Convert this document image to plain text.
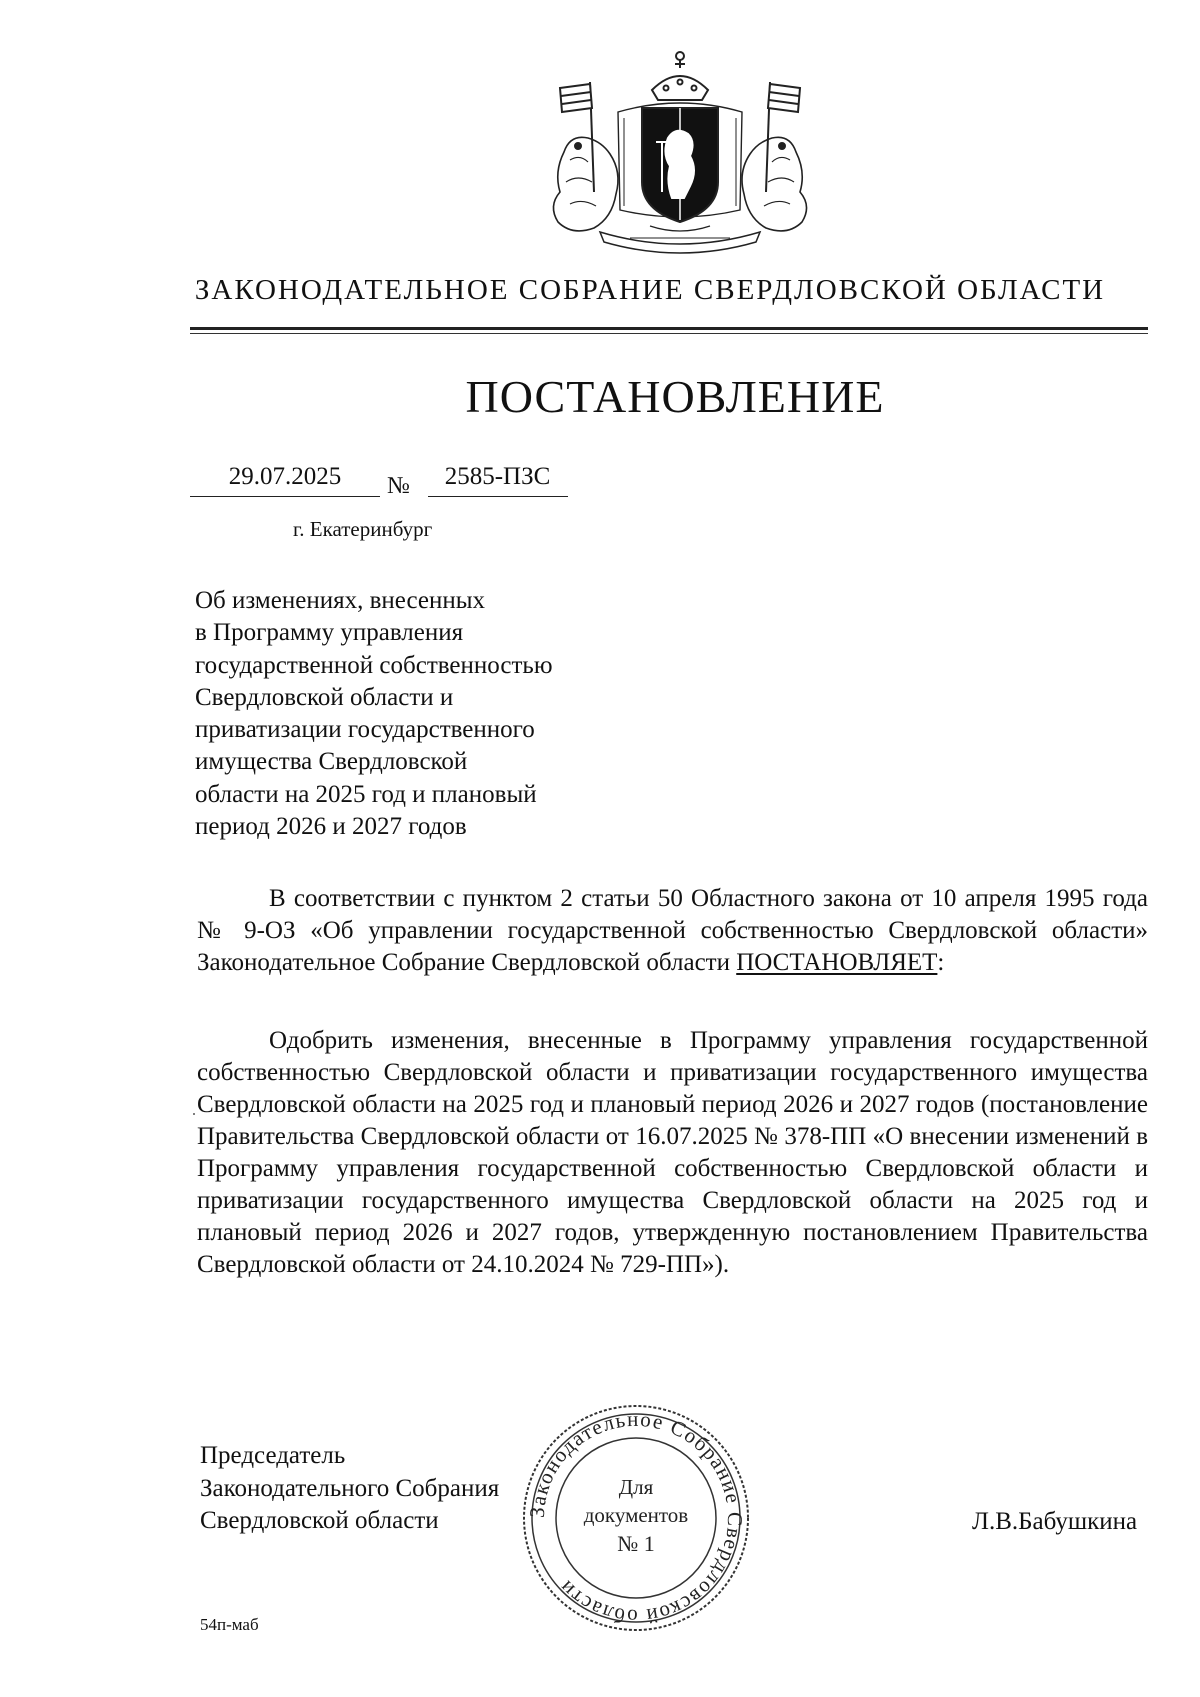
ЗАКОНОДАТЕЛЬНОЕ СОБРАНИЕ СВЕРДЛОВСКОЙ ОБЛАСТИ
ПОСТАНОВЛЕНИЕ
29.07.2025	№	2585-ПЗС
г. Екатеринбург
Об изменениях, внесенных
в Программу управления
государственной собственностью
Свердловской области и
приватизации государственного
имущества Свердловской
области на 2025 год и плановый
период 2026 и 2027 годов

В соответствии с пунктом 2 статьи 50 Областного закона от 10 апреля 1995 года № 9-ОЗ «Об управлении государственной собственностью Свердловской области» Законодательное Собрание Свердловской области ПОСТАНОВЛЯЕТ:

Одобрить изменения, внесенные в Программу управления государственной собственностью Свердловской области и приватизации государственного имущества Свердловской области на 2025 год и плановый период 2026 и 2027 годов (постановление Правительства Свердловской области от 16.07.2025 № 378-ПП «О внесении изменений в Программу управления государственной собственностью Свердловской области и приватизации государственного имущества Свердловской области на 2025 год и плановый период 2026 и 2027 годов, утвержденную постановлением Правительства Свердловской области от 24.10.2024 № 729-ПП»).

Председатель
Законодательного Собрания
Свердловской области	Законодательное Собрание Свердловской области
Для
документов
№ 1
Л.В.Бабушкина
54п-маб
